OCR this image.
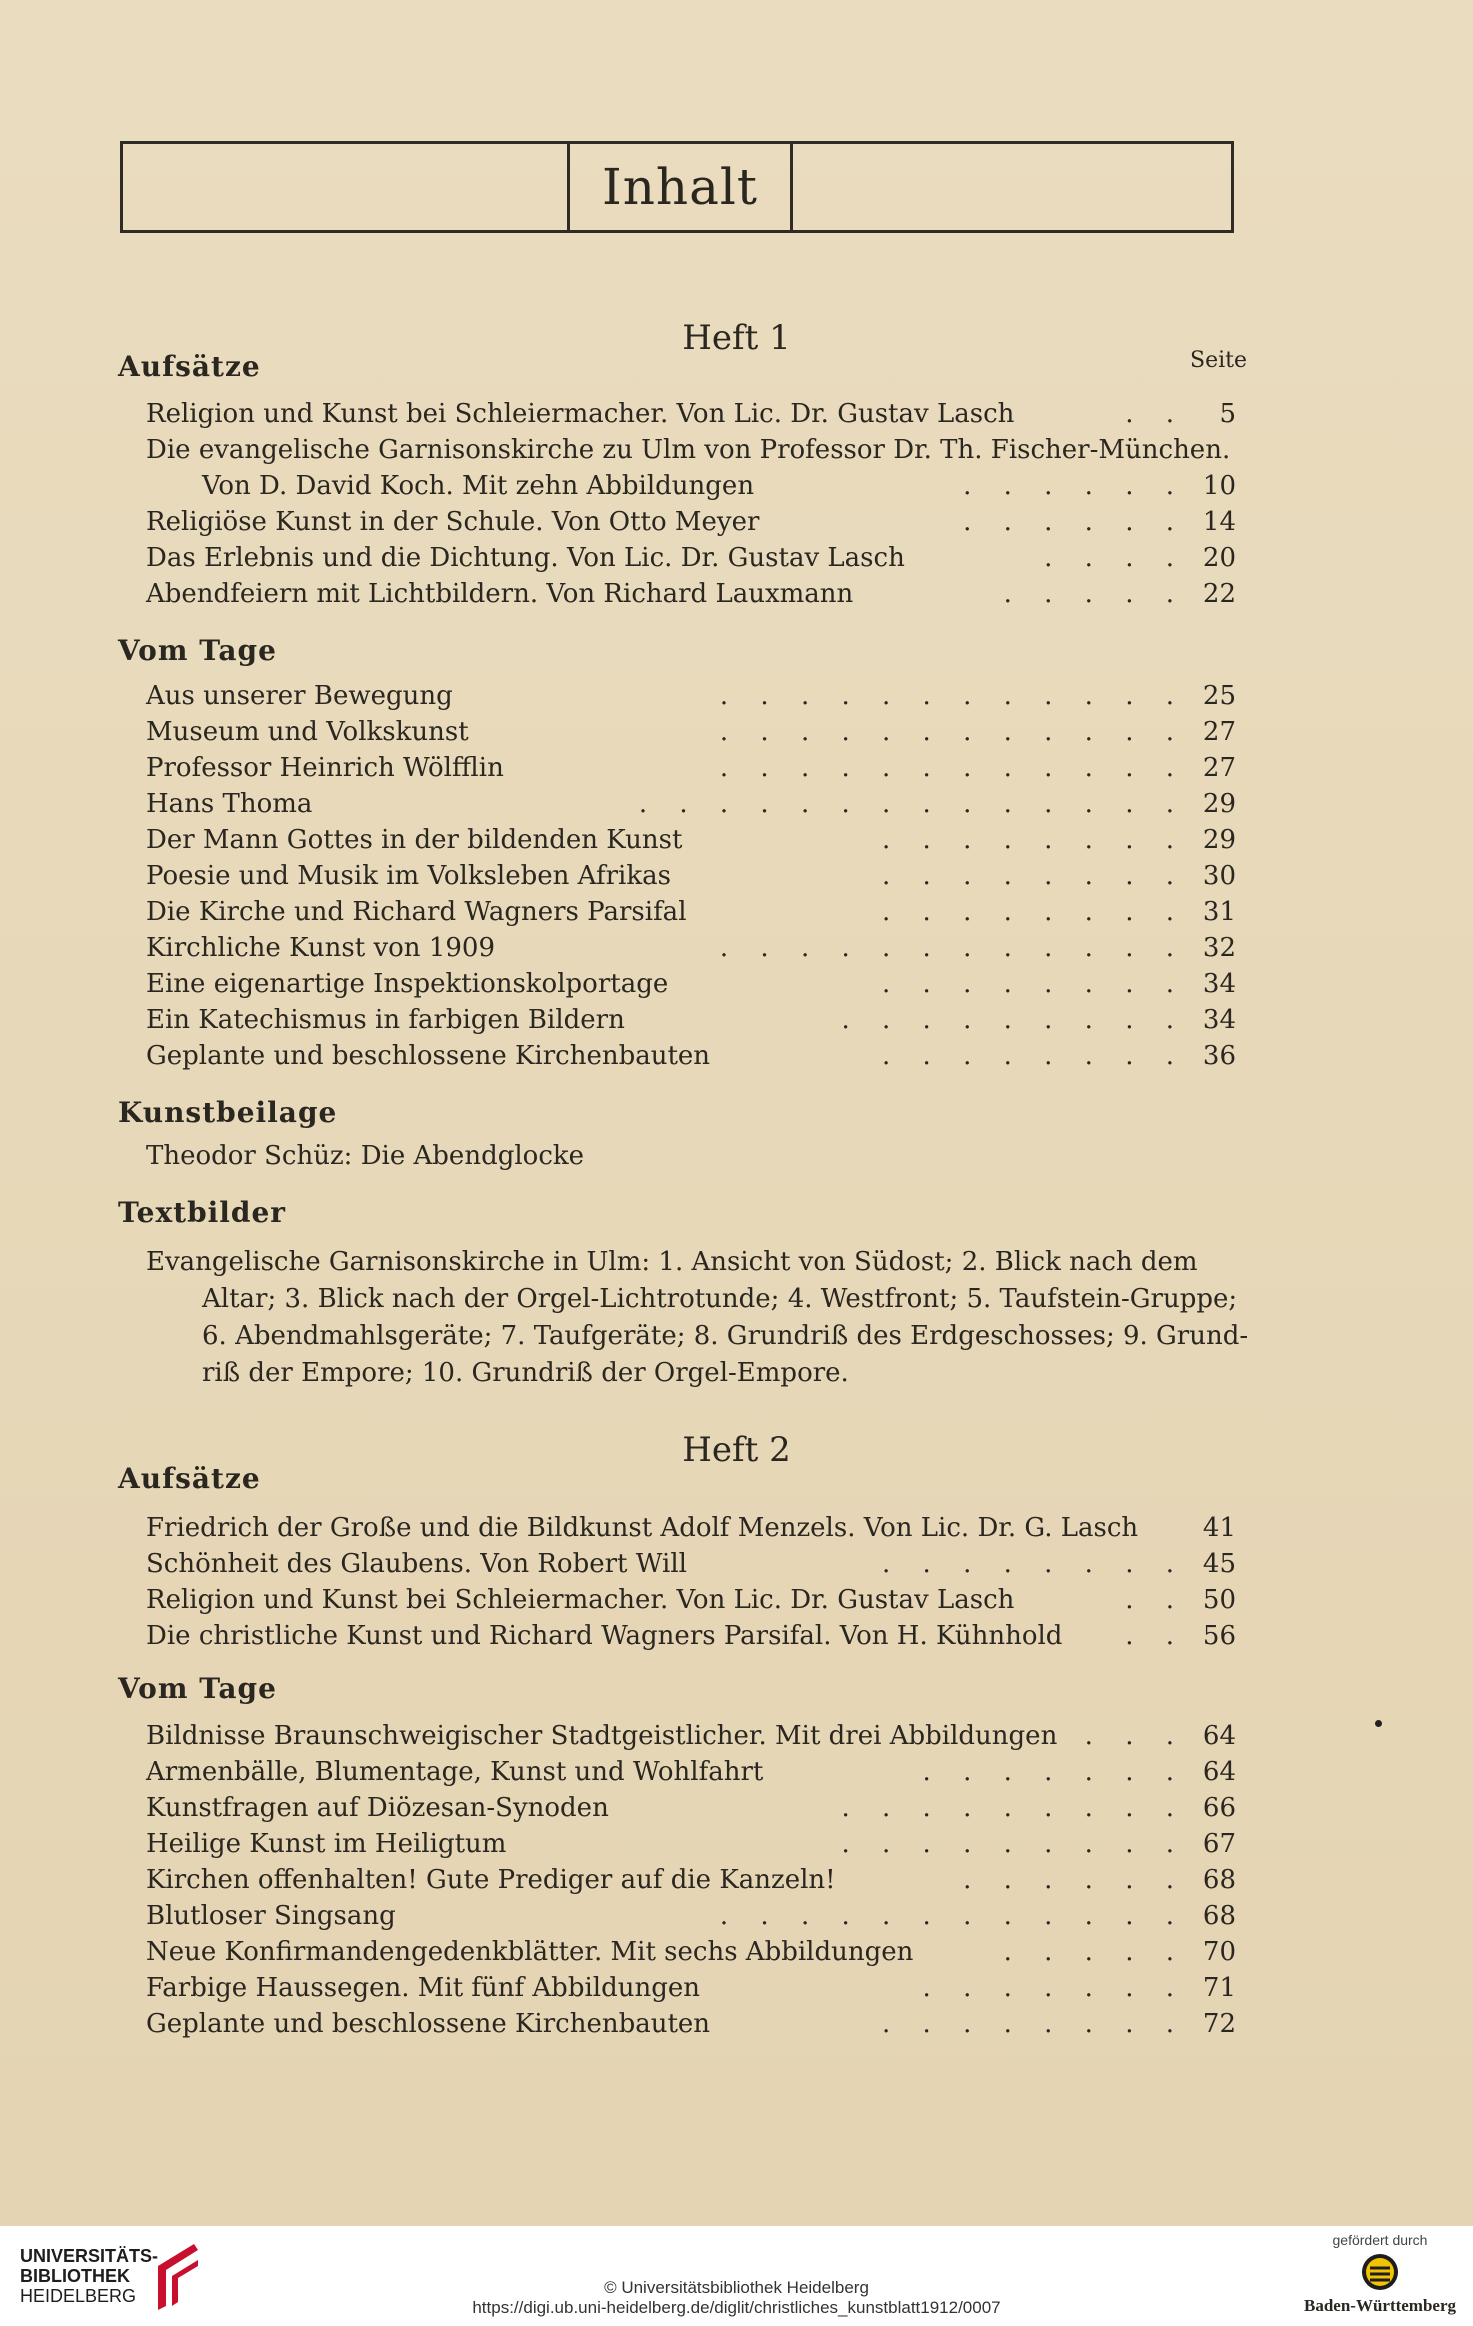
Inhalt
Heft 1
Aufsätze	Seite
Religion und Kunst bei Schleiermacher. Von Lic. Dr. Gustav Lasch	. .	5
Die evangelische Garnisonskirche zu Ulm von Professor Dr. Th. Fischer-München.
Von D. David Koch. Mit zehn Abbildungen	. . . . . . 10
Religiöse Kunst in der Schule. Von Otto Meyer	. . . . . . 14
Das Erlebnis und die Dichtung. Von Lic. Dr. Gustav Lasch	. . . . 20
Abendfeiern mit Lichtbildern. Von Richard Lauxmann	. . . . . 22
Vom Tage
Aus unserer Bewegung	. . . . . . . . . . . . 25
Museum und Volkskunst	. . . . . . . . . . . . 27
Professor Heinrich Wölfflin	. . . . . . . . . . . . 27
Hans Thoma	. . . . . . . . . . . . . . 29
Der Mann Gottes in der bildenden Kunst	. . . . . . . . 29
Poesie und Musik im Volksleben Afrikas	. . . . . . . . 30
Die Kirche und Richard Wagners Parsifal	. . . . . . . . 31
Kirchliche Kunst von 1909	. . . . . . . . . . . . 32
Eine eigenartige Inspektionskolportage	. . . . . . . . 34
Ein Katechismus in farbigen Bildern	. . . . . . . . . 34
Geplante und beschlossene Kirchenbauten	. . . . . . . . 36
Kunstbeilage
Theodor Schüz: Die Abendglocke
Textbilder
Evangelische Garnisonskirche in Ulm: 1. Ansicht von Südost; 2. Blick nach dem
Altar; 3. Blick nach der Orgel-Lichtrotunde; 4. Westfront; 5. Taufstein-Gruppe;
6. Abendmahlsgeräte; 7. Taufgeräte; 8. Grundriß des Erdgeschosses; 9. Grund-
riß der Empore; 10. Grundriß der Orgel-Empore.
Heft 2
Aufsätze
Friedrich der Große und die Bildkunst Adolf Menzels. Von Lic. Dr. G. Lasch 41
Schönheit des Glaubens. Von Robert Will	. . . . . . . . 45
Religion und Kunst bei Schleiermacher. Von Lic. Dr. Gustav Lasch	. . 50
Die christliche Kunst und Richard Wagners Parsifal. Von H. Kühnhold . . 56
Vom Tage
Bildnisse Braunschweigischer Stadtgeistlicher. Mit drei Abbildungen . . . 64
Armenbälle, Blumentage, Kunst und Wohlfahrt	. . . . . . . 64
Kunstfragen auf Diözesan-Synoden	. . . . . . . . . 66
Heilige Kunst im Heiligtum	. . . . . . . . . 67
Kirchen offenhalten! Gute Prediger auf die Kanzeln!	. . . . . . 68
Blutloser Singsang	. . . . . . . . . . . . 68
Neue Konfirmandengedenkblätter. Mit sechs Abbildungen	. . . . . 70
Farbige Haussegen. Mit fünf Abbildungen	. . . . . . . 71
Geplante und beschlossene Kirchenbauten	. . . . . . . . 72
UNIVERSITÄTS-
BIBLIOTHEK
HEIDELBERG	© Universitätsbibliothek Heidelberg
https://digi.ub.uni-heidelberg.de/diglit/christliches_kunstblatt1912/0007
gefördert durch
Baden-Württemberg
